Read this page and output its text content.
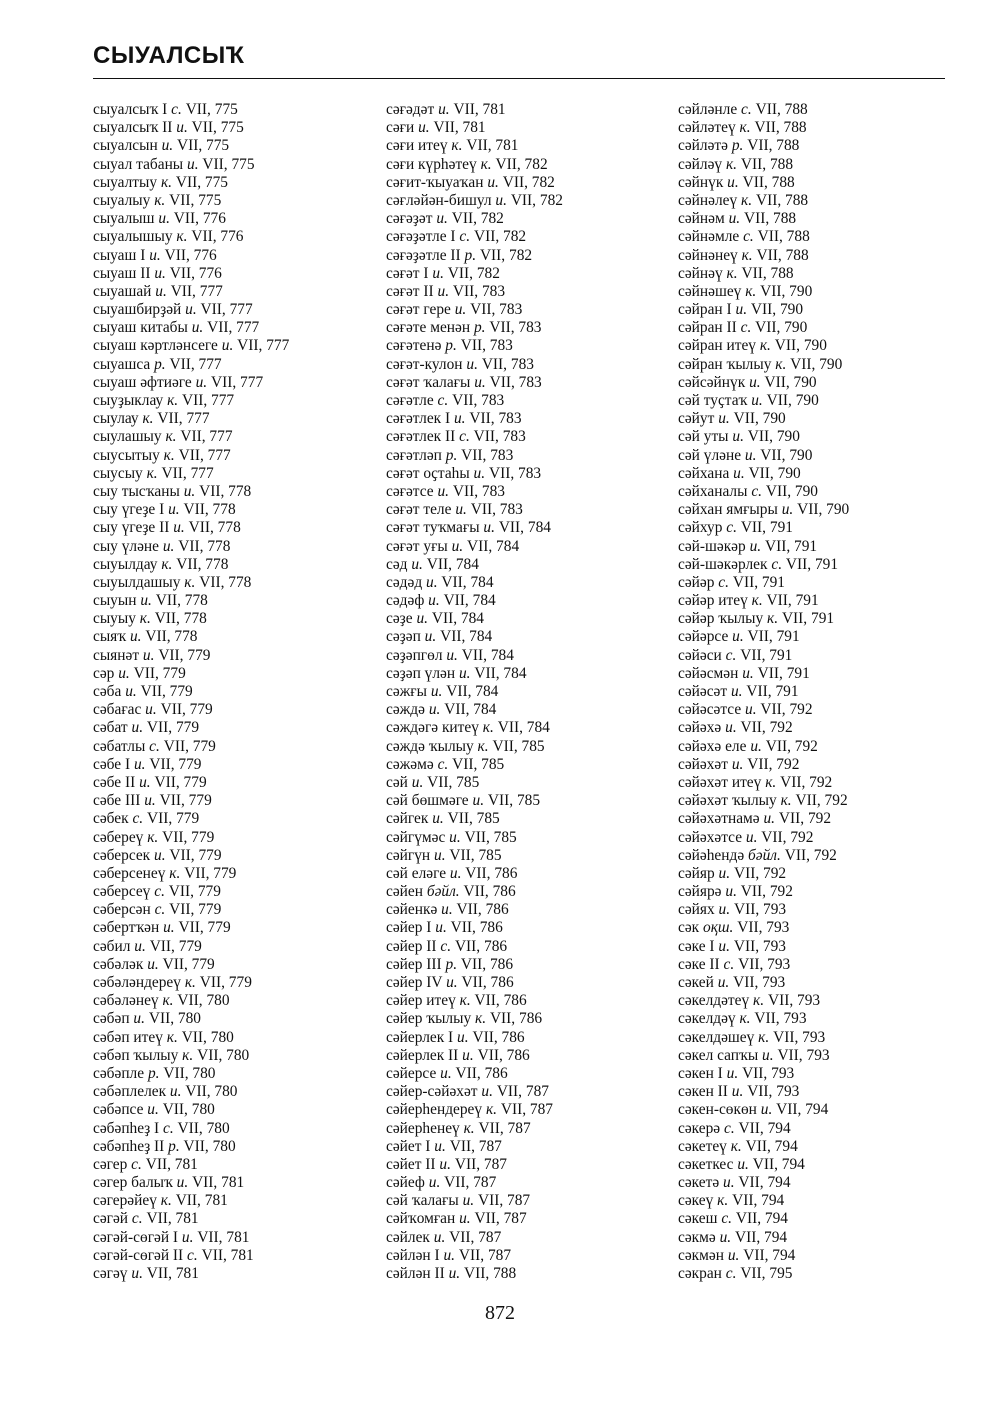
СЫУАЛСЫҠ
сыуалсыҡ I с. VII, 775
сыуалсыҡ II и. VII, 775
сыуалсын и. VII, 775
сыуал табаны и. VII, 775
сыуалтыу к. VII, 775
сыуалыу к. VII, 775
сыуалыш и. VII, 776
сыуалышыу к. VII, 776
сыуаш I и. VII, 776
сыуаш II и. VII, 776
сыуашай и. VII, 777
сыуашбирҙәй и. VII, 777
сыуаш китабы и. VII, 777
сыуаш кәртләнсеге и. VII, 777
сыуашса р. VII, 777
сыуаш әфтиәге и. VII, 777
сыуҙыклау к. VII, 777
сыулау к. VII, 777
сыулашыу к. VII, 777
сыусытыу к. VII, 777
сыусыу к. VII, 777
сыу тысҡаны и. VII, 778
сыу үгеҙе I и. VII, 778
сыу үгеҙе II и. VII, 778
сыу үләне и. VII, 778
сыуылдау к. VII, 778
сыуылдашыу к. VII, 778
сыуын и. VII, 778
сыуыу к. VII, 778
сыяҡ и. VII, 778
сыянәт и. VII, 779
сәр и. VII, 779
сәба и. VII, 779
сәбағас и. VII, 779
сәбат и. VII, 779
сәбатлы с. VII, 779
сәбе I и. VII, 779
сәбе II и. VII, 779
сәбе III и. VII, 779
сәбек с. VII, 779
сәбереү к. VII, 779
сәберсек и. VII, 779
сәберсенеү к. VII, 779
сәберсеү с. VII, 779
сәберсән с. VII, 779
сәбертҡән и. VII, 779
сәбил и. VII, 779
сәбәләк и. VII, 779
сәбәләндереү к. VII, 779
сәбәләнеү к. VII, 780
сәбәп и. VII, 780
сәбәп итеү к. VII, 780
сәбәп ҡылыу к. VII, 780
сәбәпле р. VII, 780
сәбәплелек и. VII, 780
сәбәпсе и. VII, 780
сәбәпһеҙ I с. VII, 780
сәбәпһеҙ II р. VII, 780
сәгер с. VII, 781
сәгер балыҡ и. VII, 781
сәгерәйеү к. VII, 781
сәгәй с. VII, 781
сәгәй-сөгәй I и. VII, 781
сәгәй-сөгәй II с. VII, 781
сәгәү и. VII, 781
сәғәдәт и. VII, 781
сәғи и. VII, 781
сәғи итеү к. VII, 781
сәғи күрһәтеү к. VII, 782
сәғит-ҡыуаҡан и. VII, 782
сәғләйән-бишул и. VII, 782
сәғәҙәт и. VII, 782
сәғәҙәтле I с. VII, 782
сәғәҙәтле II р. VII, 782
сәғәт I и. VII, 782
сәғәт II и. VII, 783
сәғәт гере и. VII, 783
сәғәте менән р. VII, 783
сәғәтенә р. VII, 783
сәғәт-кулон и. VII, 783
сәғәт ҡалағы и. VII, 783
сәғәтле с. VII, 783
сәғәтлек I и. VII, 783
сәғәтлек II с. VII, 783
сәғәтләп р. VII, 783
сәғәт оҫтаһы и. VII, 783
сәғәтсе и. VII, 783
сәғәт теле и. VII, 783
сәғәт туҡмағы и. VII, 784
сәғәт уғы и. VII, 784
сәд и. VII, 784
сәдәд и. VII, 784
сәдәф и. VII, 784
сәҙе и. VII, 784
сәҙәп и. VII, 784
сәҙәпгөл и. VII, 784
сәҙәп үлән и. VII, 784
сәжғы и. VII, 784
сәждә и. VII, 784
сәждәгә китеү к. VII, 784
сәждә ҡылыу к. VII, 785
сәжәмә с. VII, 785
сәй и. VII, 785
сәй бөшмәге и. VII, 785
сәйгек и. VII, 785
сәйгүмәс и. VII, 785
сәйгүн и. VII, 785
сәй еләге и. VII, 786
сәйен бәйл. VII, 786
сәйенкә и. VII, 786
сәйер I и. VII, 786
сәйер II с. VII, 786
сәйер III р. VII, 786
сәйер IV и. VII, 786
сәйер итеү к. VII, 786
сәйер ҡылыу к. VII, 786
сәйерлек I и. VII, 786
сәйерлек II и. VII, 786
сәйерсе и. VII, 786
сәйер-сәйәхәт и. VII, 787
сәйерһендереү к. VII, 787
сәйерһенеү к. VII, 787
сәйет I и. VII, 787
сәйет II и. VII, 787
сәйеф и. VII, 787
сәй ҡалағы и. VII, 787
сәйҡомған и. VII, 787
сәйлек и. VII, 787
сәйлән I и. VII, 787
сәйлән II и. VII, 788
сәйләнле с. VII, 788
сәйләтеү к. VII, 788
сәйләтә р. VII, 788
сәйләү к. VII, 788
сәйнүк и. VII, 788
сәйнәлеү к. VII, 788
сәйнәм и. VII, 788
сәйнәмле с. VII, 788
сәйнәнеү к. VII, 788
сәйнәү к. VII, 788
сәйнәшеү к. VII, 790
сәйран I и. VII, 790
сәйран II с. VII, 790
сәйран итеү к. VII, 790
сәйран ҡылыу к. VII, 790
сәйсәйнүк и. VII, 790
сәй туҫтаҡ и. VII, 790
сәйут и. VII, 790
сәй уты и. VII, 790
сәй үләне и. VII, 790
сәйхана и. VII, 790
сәйханалы с. VII, 790
сәйхан ямғыры и. VII, 790
сәйхур с. VII, 791
сәй-шәкәр и. VII, 791
сәй-шәкәрлек с. VII, 791
сәйәр с. VII, 791
сәйәр итеү к. VII, 791
сәйәр ҡылыу к. VII, 791
сәйәрсе и. VII, 791
сәйәси с. VII, 791
сәйәсмән и. VII, 791
сәйәсәт и. VII, 791
сәйәсәтсе и. VII, 792
сәйәхә и. VII, 792
сәйәхә еле и. VII, 792
сәйәхәт и. VII, 792
сәйәхәт итеү к. VII, 792
сәйәхәт ҡылыу к. VII, 792
сәйәхәтнамә и. VII, 792
сәйәхәтсе и. VII, 792
сәйәһендә бәйл. VII, 792
сәйяр и. VII, 792
сәйярә и. VII, 792
сәйях и. VII, 793
сәк оқш. VII, 793
сәке I и. VII, 793
сәке II с. VII, 793
сәкей и. VII, 793
сәкелдәтеү к. VII, 793
сәкелдәү к. VII, 793
сәкелдәшеү к. VII, 793
сәкел сапҡы и. VII, 793
сәкен I и. VII, 793
сәкен II и. VII, 793
сәкен-сөкөн и. VII, 794
сәкерә с. VII, 794
сәкетеү к. VII, 794
сәкеткес и. VII, 794
сәкетә и. VII, 794
сәкеү к. VII, 794
сәкеш с. VII, 794
сәкмә и. VII, 794
сәкмән и. VII, 794
сәкран с. VII, 795
872
